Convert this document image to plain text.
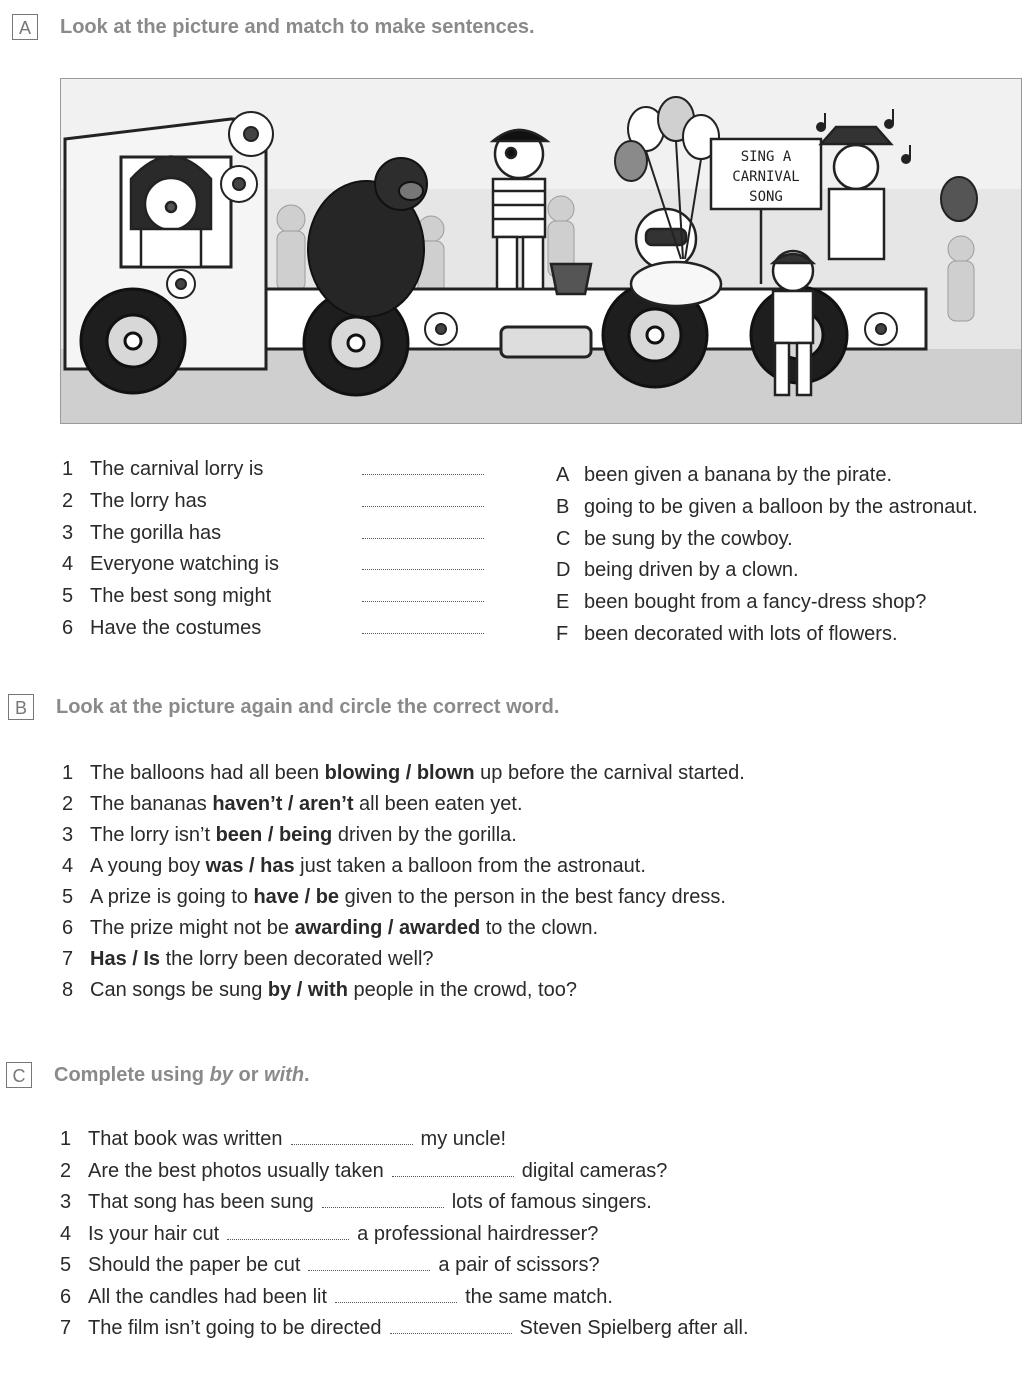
A	Look at the picture and match to make sentences.
SING A
CARNIVAL
SONG
1 The carnival lorry is
2 The lorry has
3 The gorilla has
4 Everyone watching is
5 The best song might
6 Have the costumes
A been given a banana by the pirate.
B going to be given a balloon by the astronaut.
C be sung by the cowboy.
D being driven by a clown.
E been bought from a fancy-dress shop?
F been decorated with lots of flowers.
B	Look at the picture again and circle the correct word.
1 The balloons had all been blowing / blown up before the carnival started.
2 The bananas haven’t / aren’t all been eaten yet.
3 The lorry isn’t been / being driven by the gorilla.
4 A young boy was / has just taken a balloon from the astronaut.
5 A prize is going to have / be given to the person in the best fancy dress.
6 The prize might not be awarding / awarded to the clown.
7 Has / Is the lorry been decorated well?
8 Can songs be sung by / with people in the crowd, too?
C	Complete using by or with.
1 That book was written	my uncle!
2 Are the best photos usually taken	digital cameras?
3 That song has been sung	lots of famous singers.
4 Is your hair cut	a professional hairdresser?
5 Should the paper be cut	a pair of scissors?
6 All the candles had been lit	the same match.
7 The film isn’t going to be directed	Steven Spielberg after all.
